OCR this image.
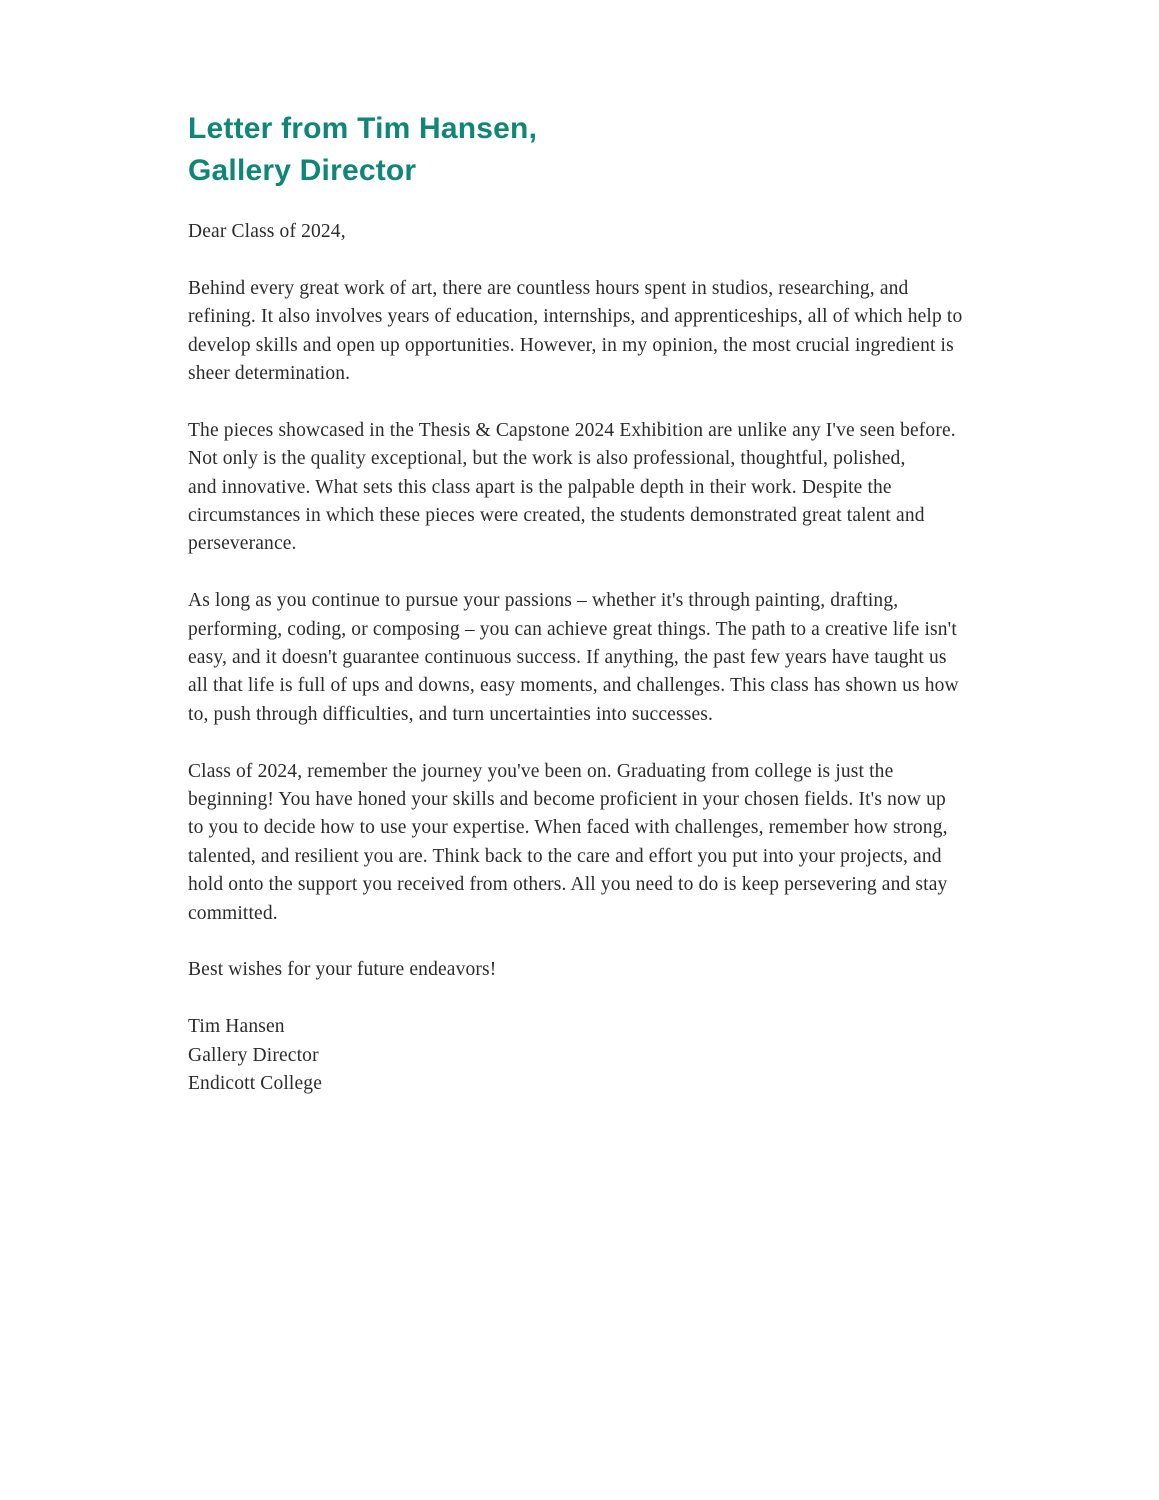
Letter from Tim Hansen,
Gallery Director

Dear Class of 2024,

Behind every great work of art, there are countless hours spent in studios, researching, and
refining. It also involves years of education, internships, and apprenticeships, all of which help to
develop skills and open up opportunities. However, in my opinion, the most crucial ingredient is
sheer determination.

The pieces showcased in the Thesis & Capstone 2024 Exhibition are unlike any I've seen before.
Not only is the quality exceptional, but the work is also professional, thoughtful, polished,
and innovative. What sets this class apart is the palpable depth in their work. Despite the
circumstances in which these pieces were created, the students demonstrated great talent and
perseverance.

As long as you continue to pursue your passions – whether it's through painting, drafting,
performing, coding, or composing – you can achieve great things. The path to a creative life isn't
easy, and it doesn't guarantee continuous success. If anything, the past few years have taught us
all that life is full of ups and downs, easy moments, and challenges. This class has shown us how
to, push through difficulties, and turn uncertainties into successes.

Class of 2024, remember the journey you've been on. Graduating from college is just the
beginning! You have honed your skills and become proficient in your chosen fields. It's now up
to you to decide how to use your expertise. When faced with challenges, remember how strong,
talented, and resilient you are. Think back to the care and effort you put into your projects, and
hold onto the support you received from others. All you need to do is keep persevering and stay
committed.

Best wishes for your future endeavors!

Tim Hansen
Gallery Director
Endicott College
